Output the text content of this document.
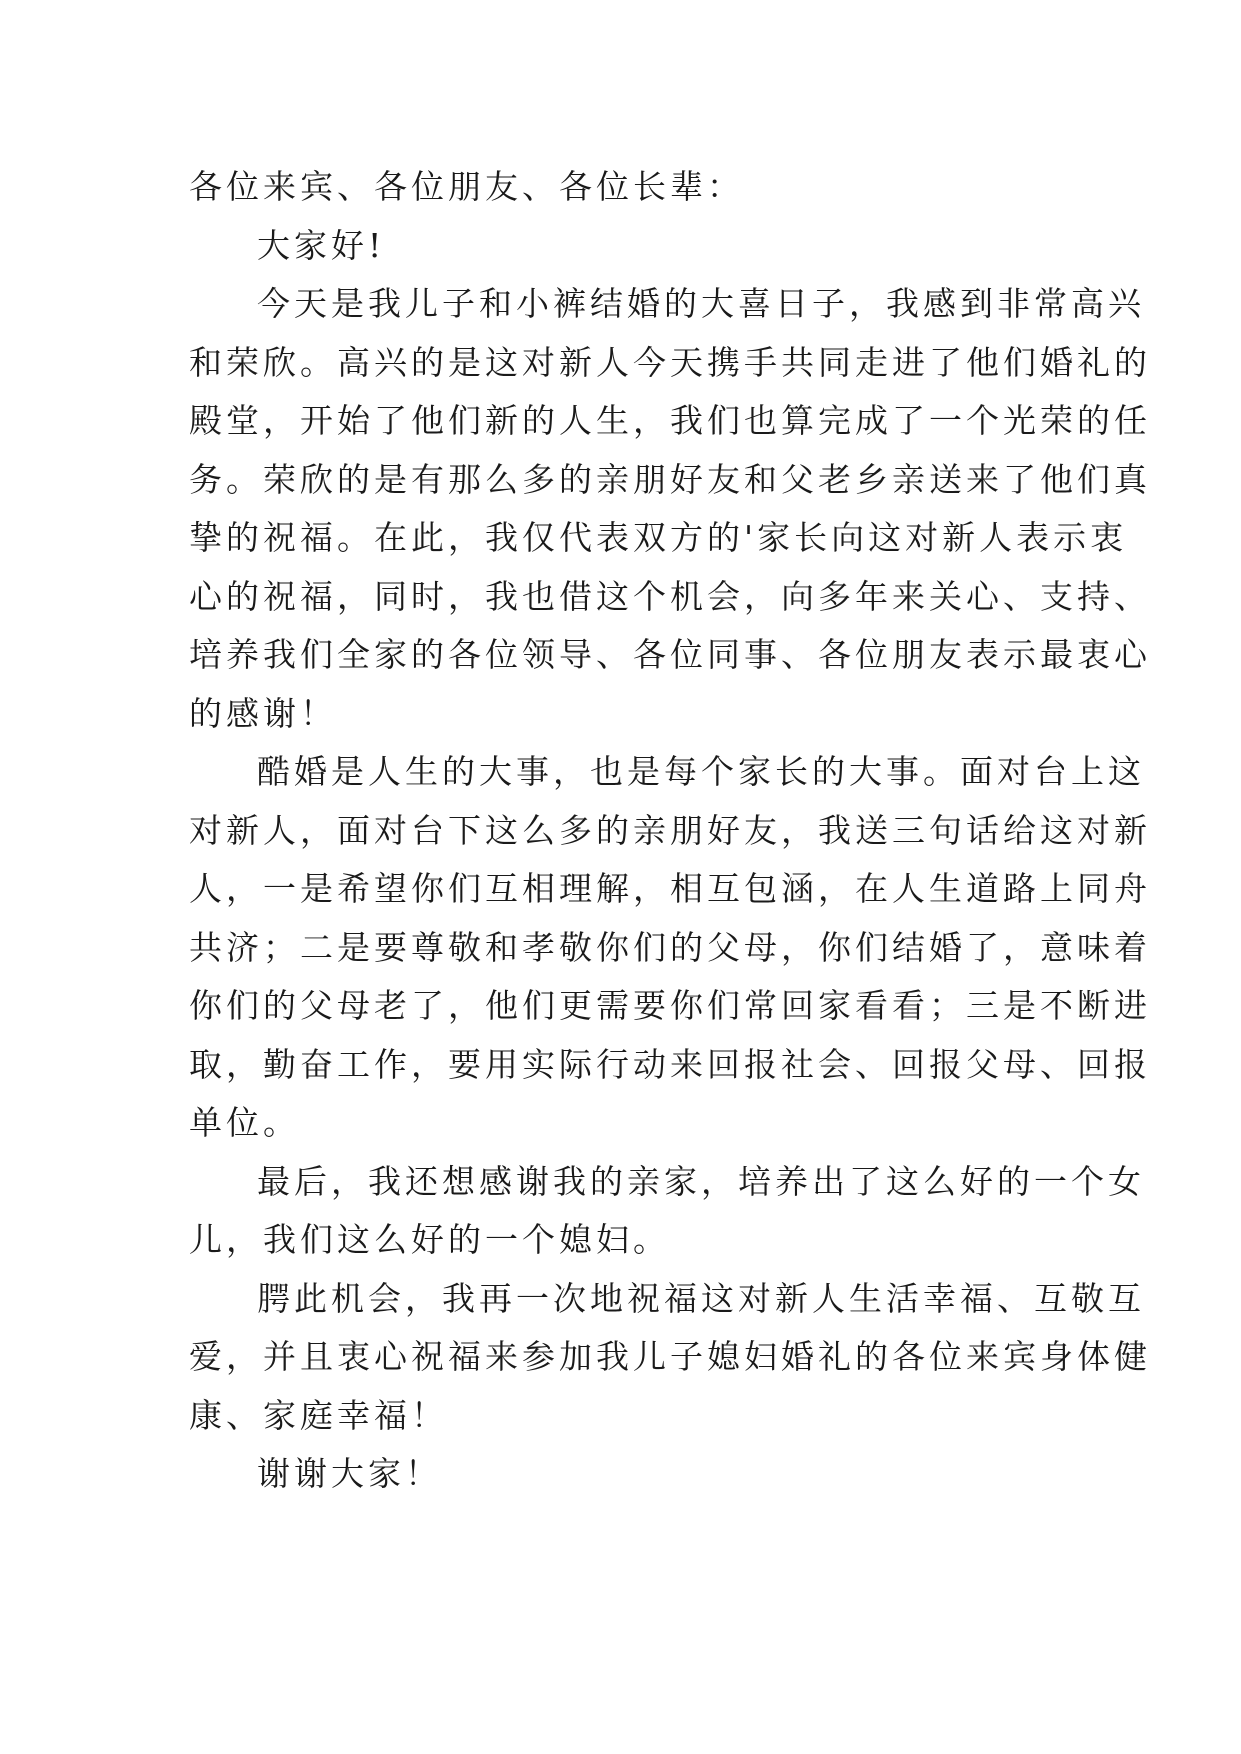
各位来宾、各位朋友、各位长辈：
大家好!
今天是我儿子和小裤结婚的大喜日子，我感到非常高兴
和荣欣。高兴的是这对新人今天携手共同走进了他们婚礼的
殿堂，开始了他们新的人生，我们也算完成了一个光荣的任
务。荣欣的是有那么多的亲朋好友和父老乡亲送来了他们真
挚的祝福。在此，我仅代表双方的'家长向这对新人表示衷
心的祝福，同时，我也借这个机会，向多年来关心、支持、
培养我们全家的各位领导、各位同事、各位朋友表示最衷心
的感谢！
酷婚是人生的大事，也是每个家长的大事。面对台上这
对新人，面对台下这么多的亲朋好友，我送三句话给这对新
人，一是希望你们互相理解，相互包涵，在人生道路上同舟
共济；二是要尊敬和孝敬你们的父母，你们结婚了，意味着
你们的父母老了，他们更需要你们常回家看看；三是不断进
取，勤奋工作，要用实际行动来回报社会、回报父母、回报
单位。
最后，我还想感谢我的亲家，培养出了这么好的一个女
儿，我们这么好的一个媳妇。
腭此机会，我再一次地祝福这对新人生活幸福、互敬互
爱，并且衷心祝福来参加我儿子媳妇婚礼的各位来宾身体健
康、家庭幸福！
谢谢大家！
